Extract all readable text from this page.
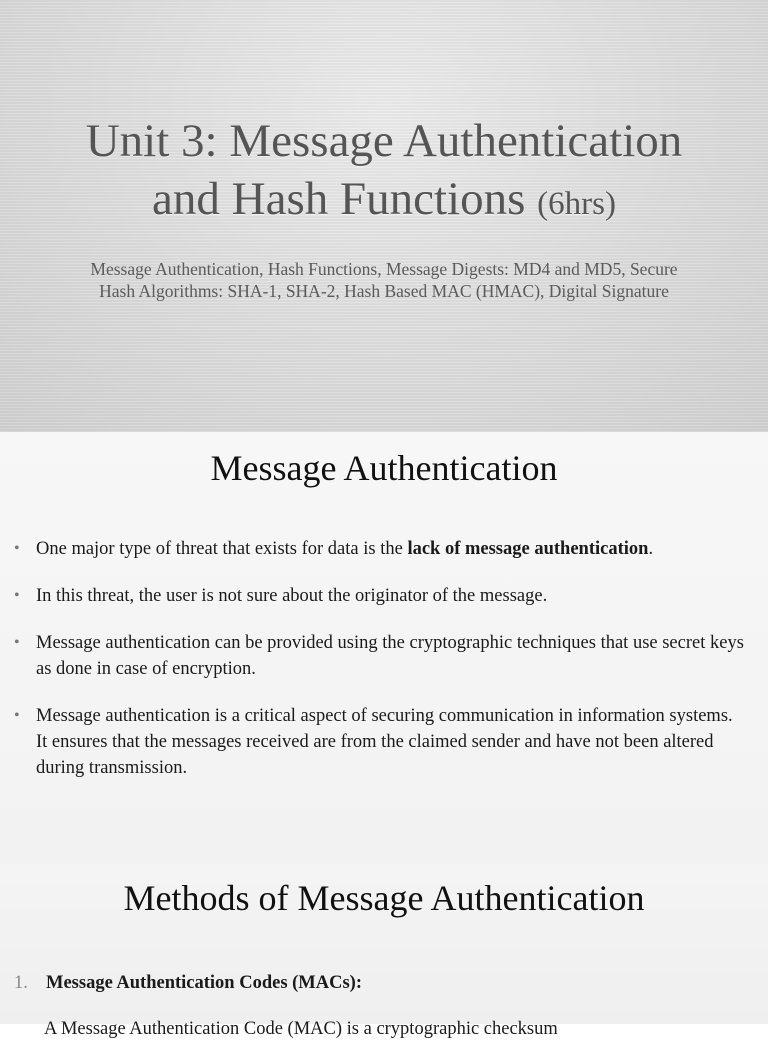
Unit 3: Message Authentication
and Hash Functions (6hrs)
Message Authentication, Hash Functions, Message Digests: MD4 and MD5, Secure
Hash Algorithms: SHA-1, SHA-2, Hash Based MAC (HMAC), Digital Signature
Message Authentication
• One major type of threat that exists for data is the lack of message authentication.
• In this threat, the user is not sure about the originator of the message.
• Message authentication can be provided using the cryptographic techniques that use secret keys as done in case of encryption.
• Message authentication is a critical aspect of securing communication in information systems. It ensures that the messages received are from the claimed sender and have not been altered during transmission.
Methods of Message Authentication
1. Message Authentication Codes (MACs):
A Message Authentication Code (MAC) is a cryptographic checksum
